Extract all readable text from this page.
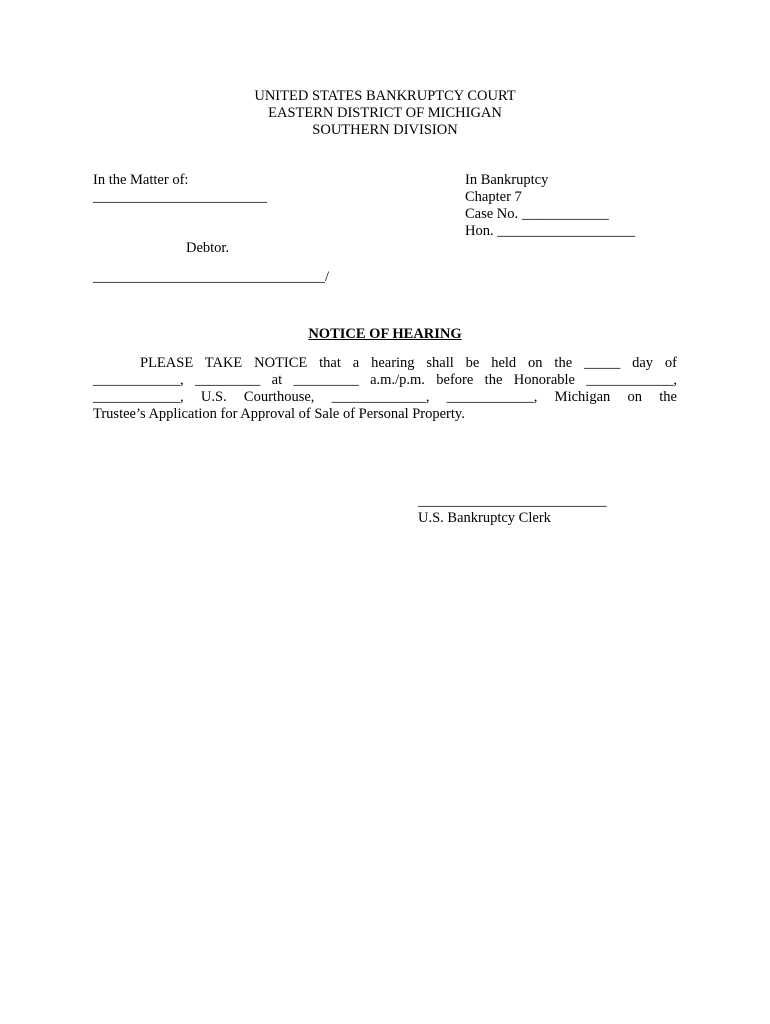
UNITED STATES BANKRUPTCY COURT
EASTERN DISTRICT OF MICHIGAN
SOUTHERN DIVISION
In the Matter of:
________________________
Debtor.
________________________________/
In Bankruptcy
Chapter 7
Case No. ____________
Hon. ___________________
NOTICE OF HEARING
PLEASE TAKE NOTICE that a hearing shall be held on the _____ day of
____________, _________ at _________ a.m./p.m. before the Honorable ____________,
____________, U.S. Courthouse, _____________, ____________, Michigan on the
Trustee’s Application for Approval of Sale of Personal Property.
__________________________
U.S. Bankruptcy Clerk
